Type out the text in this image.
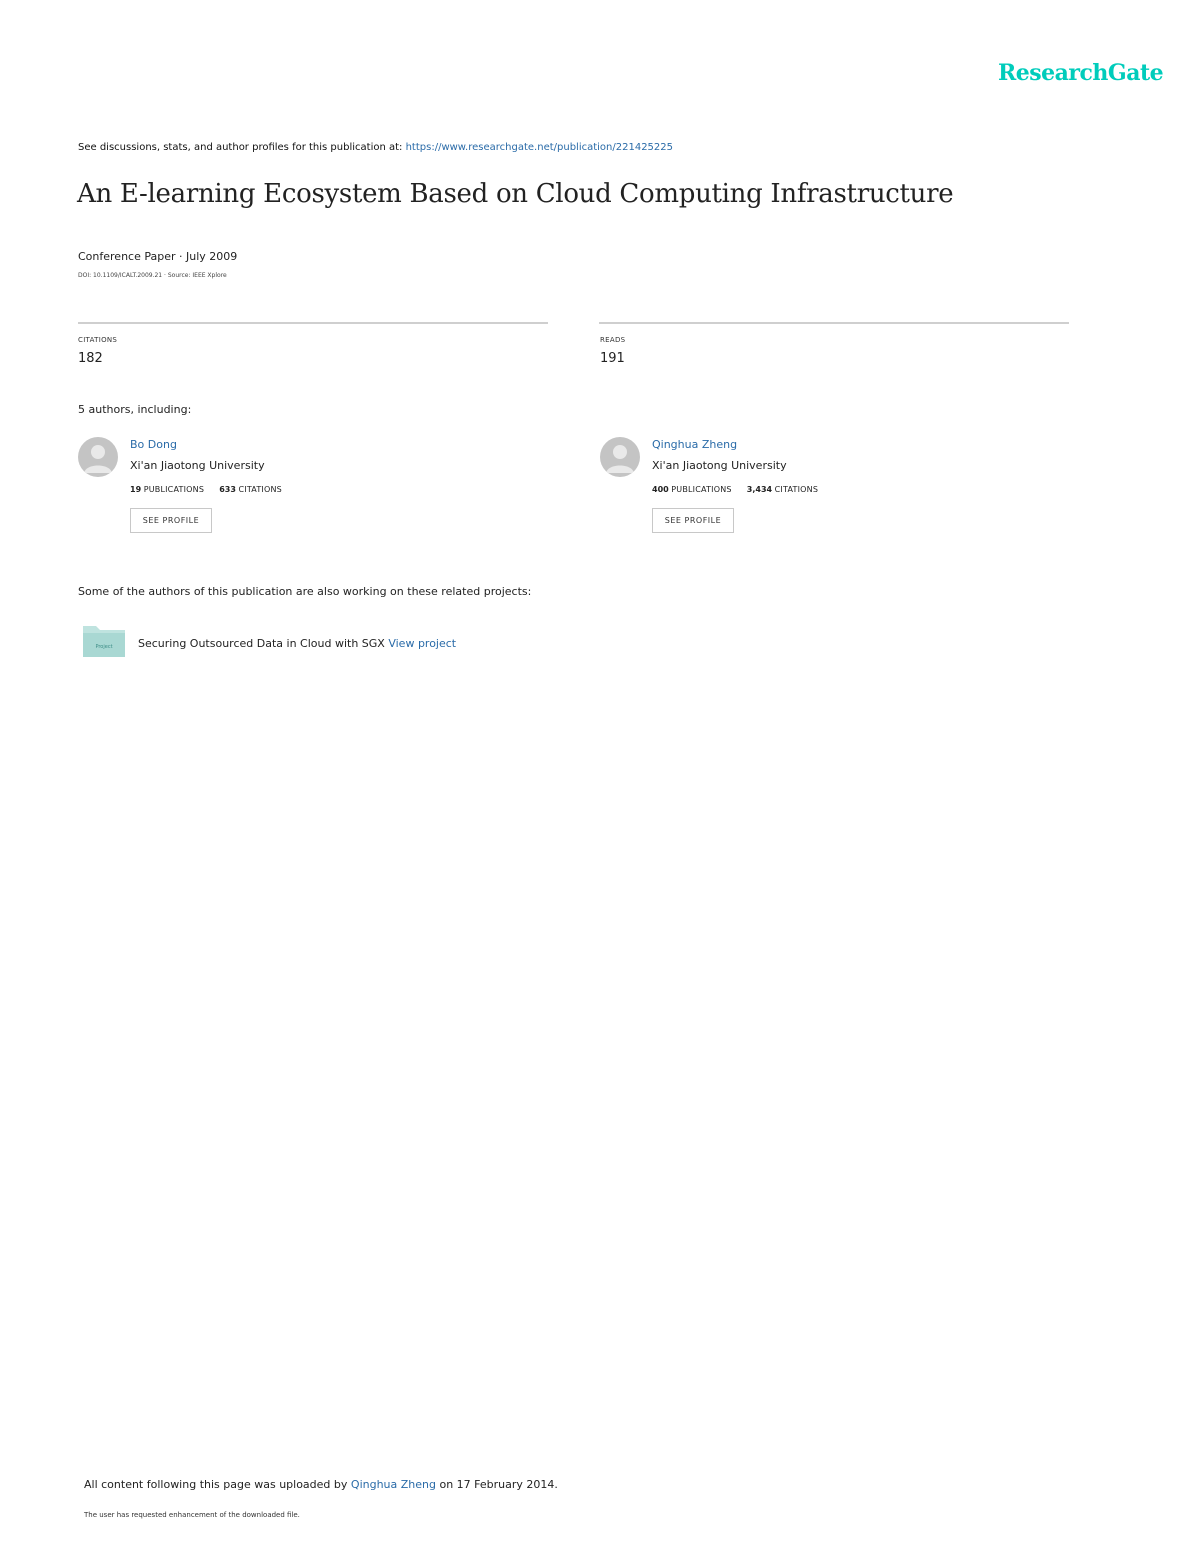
ResearchGate
See discussions, stats, and author profiles for this publication at: https://www.researchgate.net/publication/221425225
An E-learning Ecosystem Based on Cloud Computing Infrastructure
Conference Paper · July 2009
DOI: 10.1109/ICALT.2009.21 · Source: IEEE Xplore
CITATIONS
182
READS
191
5 authors, including:
Bo Dong
Xi'an Jiaotong University
19 PUBLICATIONS 633 CITATIONS
SEE PROFILE
Qinghua Zheng
Xi'an Jiaotong University
400 PUBLICATIONS 3,434 CITATIONS
SEE PROFILE
Some of the authors of this publication are also working on these related projects:
Project Securing Outsourced Data in Cloud with SGX View project
All content following this page was uploaded by Qinghua Zheng on 17 February 2014.
The user has requested enhancement of the downloaded file.
